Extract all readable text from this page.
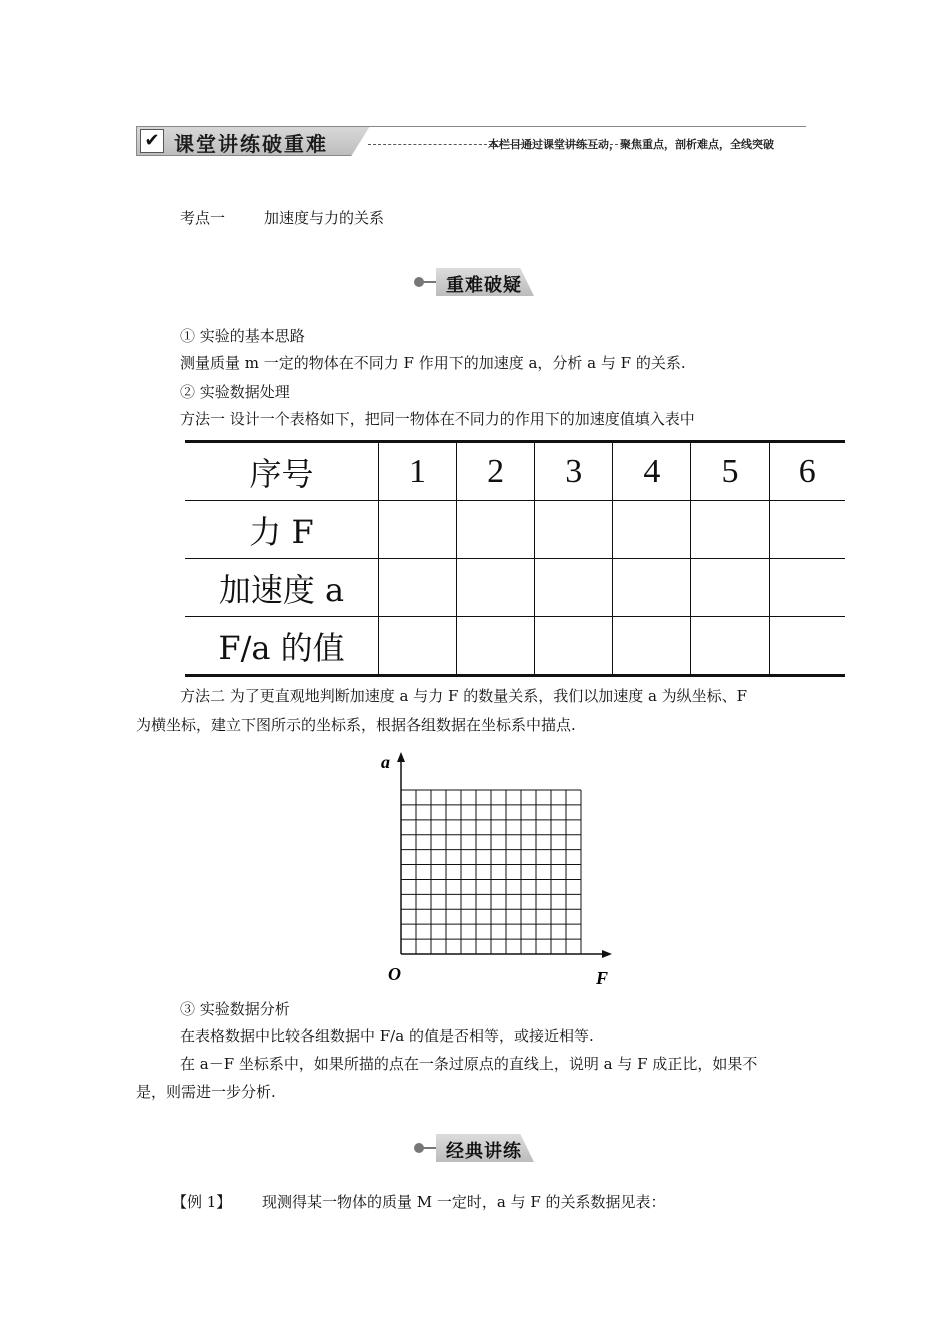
✔ 课堂讲练破重难	本栏目通过课堂讲练互动，聚焦重点，剖析难点，全线突破
考点一	加速度与力的关系
重难破疑
① 实验的基本思路
测量质量 m 一定的物体在不同力 F 作用下的加速度 a，分析 a 与 F 的关系.
② 实验数据处理
方法一 设计一个表格如下，把同一物体在不同力的作用下的加速度值填入表中
序号	1	2	3	4	5	6
力 F						
加速度 a						
F/a 的值						
方法二 为了更直观地判断加速度 a 与力 F 的数量关系，我们以加速度 a 为纵坐标、F
为横坐标，建立下图所示的坐标系，根据各组数据在坐标系中描点.
a
O	F
③ 实验数据分析
在表格数据中比较各组数据中 F/a 的值是否相等，或接近相等.
在 a－F 坐标系中，如果所描的点在一条过原点的直线上，说明 a 与 F 成正比，如果不
是，则需进一步分析.
经典讲练
【例 1】 现测得某一物体的质量 M 一定时，a 与 F 的关系数据见表：
